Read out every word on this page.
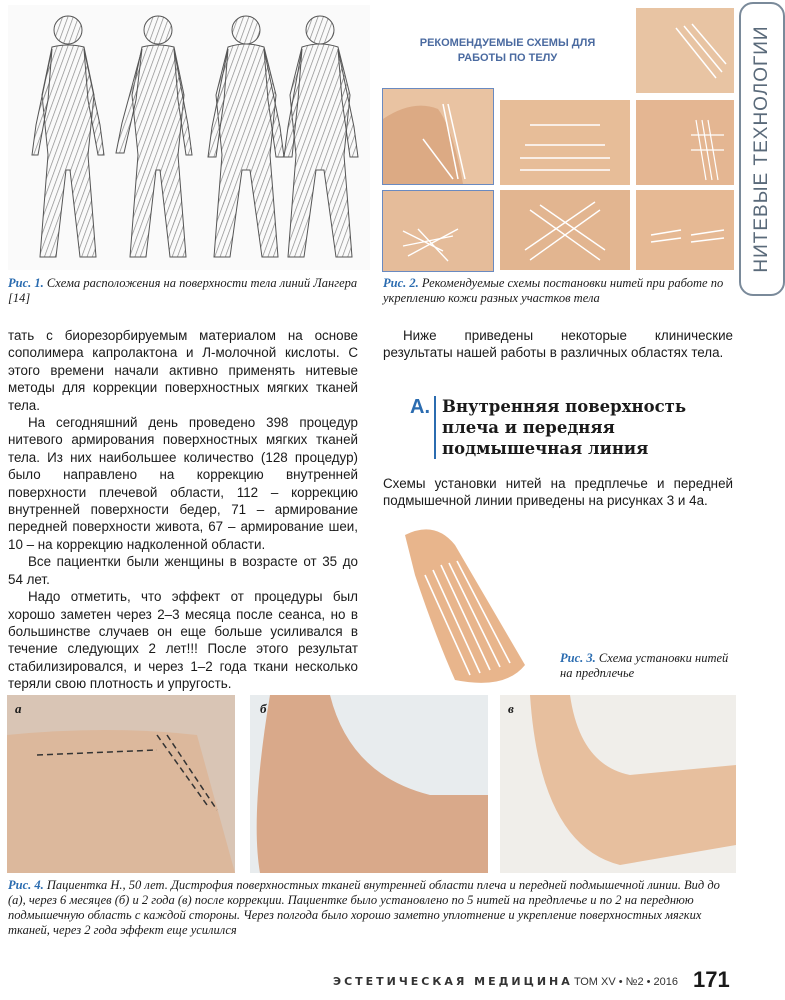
НИТЕВЫЕ ТЕХНОЛОГИИ
Рис. 1. Схема расположения на поверхности тела линий Лангера [14]
РЕКОМЕНДУЕМЫЕ СХЕМЫ ДЛЯ
РАБОТЫ ПО ТЕЛУ
Рис. 2. Рекомендуемые схемы постановки нитей при работе по укреплению кожи разных участков тела

тать с биорезорбируемым материалом на основе сополимера капролактона и Л-молочной кислоты. С этого времени начали активно применять нитевые методы для коррекции поверхностных мягких тканей тела.

На сегодняшний день проведено 398 процедур нитевого армирования поверхностных мягких тканей тела. Из них наибольшее количество (128 процедур) было направлено на коррекцию внутренней поверхности плечевой области, 112 – коррекцию внутренней поверхности бедер, 71 – армирование передней поверхности живота, 67 – армирование шеи, 10 – на коррекцию надколенной области.

Все пациентки были женщины в возрасте от 35 до 54 лет.

Надо отметить, что эффект от процедуры был хорошо заметен через 2–3 месяца после сеанса, но в большинстве случаев он еще больше усиливался в течение следующих 2 лет!!! После этого результат стабилизировался, и через 1–2 года ткани несколько теряли свою плотность и упругость.

Ниже приведены некоторые клинические результаты нашей работы в различных областях тела.

А. Внутренняя поверхность плеча и передняя подмышечная линия

Схемы установки нитей на предплечье и передней подмышечной линии приведены на рисунках 3 и 4а.

Рис. 3. Схема установки нитей на предплечье
а	б	в
Рис. 4. Пациентка Н., 50 лет. Дистрофия поверхностных тканей внутренней области плеча и передней подмышечной линии. Вид до (а), через 6 месяцев (б) и 2 года (в) после коррекции. Пациентке было установлено по 5 нитей на предплечье и по 2 на переднюю подмышечную область с каждой стороны. Через полгода было хорошо заметно уплотнение и укрепление поверхностных мягких тканей, через 2 года эффект еще усилился
ЭСТЕТИЧЕСКАЯ МЕДИЦИНА ТОМ XV • №2 • 2016 171
